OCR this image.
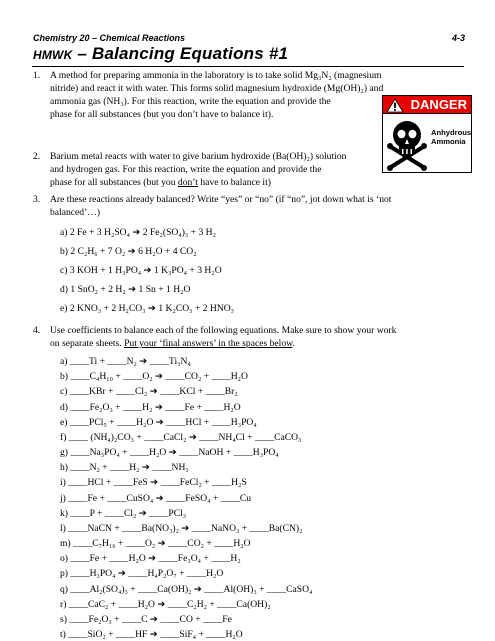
Chemistry 20 – Chemical Reactions	4-3
HMWK – Balancing Equations #1
1. A method for preparing ammonia in the laboratory is to take solid Mg₃N₂ (magnesium
nitride) and react it with water. This forms solid magnesium hydroxide (Mg(OH)₂) and
ammonia gas (NH₃). For this reaction, write the equation and provide the
phase for all substances (but you don’t have to balance it).
DANGER
Anhydrous
Ammonia
2. Barium metal reacts with water to give barium hydroxide (Ba(OH)₂) solution
and hydrogen gas. For this reaction, write the equation and provide the
phase for all substances (but you don’t have to balance it)
3. Are these reactions already balanced? Write “yes” or “no” (if “no”, jot down what is ‘not
balanced’…)
a) 2 Fe + 3 H₂SO₄ ➔ 2 Fe₂(SO₄)₃ + 3 H₂
b) 2 C₂H₆ + 7 O₂ ➔ 6 H₂O + 4 CO₂
c) 3 KOH + 1 H₃PO₄ ➔ 1 K₃PO₄ + 3 H₂O
d) 1 SnO₂ + 2 H₂ ➔ 1 Sn + 1 H₂O
e) 2 KNO₃ + 2 H₂CO₃ ➔ 1 K₂CO₃ + 2 HNO₃
4. Use coefficients to balance each of the following equations. Make sure to show your work
on separate sheets. Put your ‘final answers’ in the spaces below.
a) ____Ti + ____N₂ ➔ ____Ti₃N₄
b) ____C₄H₁₀ + ____O₂ ➔ ____CO₂ + ____H₂O
c) ____KBr + ____Cl₂ ➔ ____KCl + ____Br₂
d) ____Fe₂O₃ + ____H₂ ➔ ____Fe + ____H₂O
e) ____PCl₅ + ____H₂O ➔ ____HCl + ____H₃PO₄
f) ____ (NH₄)₂CO₃ + ____CaCl₂ ➔ ____NH₄Cl + ____CaCO₃
g) ____Na₃PO₄ + ____H₂O ➔ ____NaOH + ____H₃PO₄
h) ____N₂ + ____H₂ ➔ ____NH₃
i) ____HCl + ____FeS ➔ ____FeCl₂ + ____H₂S
j) ____Fe + ____CuSO₄ ➔ ____FeSO₄ + ____Cu
k) ____P + ____Cl₂ ➔ ____PCl₃
l) ____NaCN + ____Ba(NO₃)₂ ➔ ____NaNO₃ + ____Ba(CN)₂
m) ____C₇H₁₆ + ____O₂ ➔ ____CO₂ + ____H₂O
o) ____Fe + ____H₂O ➔ ____Fe₃O₄ + ____H₂
p) ____H₃PO₄ ➔ ____H₄P₂O₇ + ____H₂O
q) ____Al₂(SO₄)₃ + ____Ca(OH)₂ ➔ ____Al(OH)₃ + ____CaSO₄
r) ____CaC₂ + ____H₂O ➔ ____C₂H₂ + ____Ca(OH)₂
s) ____Fe₂O₃ + ____C ➔ ____CO + ____Fe
t) ____SiO₂ + ____HF ➔ ____SiF₄ + ____H₂O
